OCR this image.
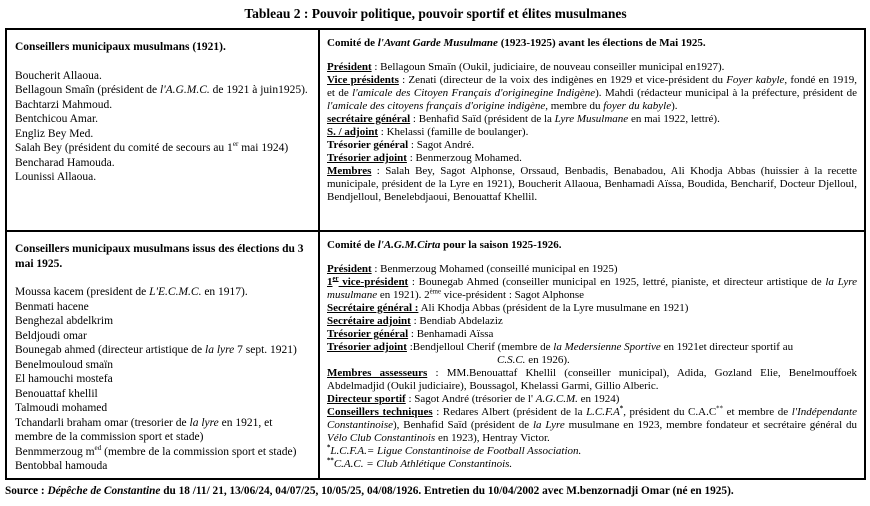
Tableau 2 : Pouvoir politique, pouvoir sportif et élites musulmanes
Conseillers municipaux musulmans (1921).
Boucherit Allaoua.
Bellagoun Smaîn (président de l'A.G.M.C. de 1921 à juin1925).
Bachtarzi Mahmoud.
Bentchicou Amar.
Engliz Bey Med.
Salah Bey (président du comité de secours au 1er mai 1924)
Bencharad Hamouda.
Lounissi Allaoua.
Comité de l'Avant Garde Musulmane (1923-1925) avant les élections de Mai 1925.
Président : Bellagoun Smaïn (Oukil, judiciaire, de nouveau conseiller municipal en1927).
Vice présidents : Zenati (directeur de la voix des indigènes en 1929 et vice-président du Foyer kabyle, fondé en 1919, et de l'amicale des Citoyen Français d'originegine Indigène). Mahdi (rédacteur municipal à la préfecture, président de l'amicale des citoyens français d'origine indigène, membre du foyer du kabyle).
secrétaire général : Benhafid Saïd (président de la Lyre Musulmane en mai 1922, lettré).
S. / adjoint : Khelassi (famille de boulanger).
Trésorier général : Sagot André.
Trésorier adjoint : Benmerzoug Mohamed.
Membres : Salah Bey, Sagot Alphonse, Orssaud, Benbadis, Benabadou, Ali Khodja Abbas (huissier à la recette municipale, président de la Lyre en 1921), Boucherit Allaoua, Benhamadi Aïssa, Boudida, Bencharif, Docteur Djelloul, Bendjelloul, Benelebdjaoui, Benouattaf Khellil.
Conseillers municipaux musulmans issus des élections du 3 mai 1925.
Moussa kacem (president de L'E.C.M.C. en 1917).
Benmati hacene
Benghezal abdelkrim
Beldjoudi omar
Bounegab ahmed (directeur artistique de la lyre 7 sept. 1921)
Benelmouloud smaïn
El hamouchi mostefa
Benouattaf khellil
Talmoudi mohamed
Tchandarli braham omar (tresorier de la lyre en 1921, et membre de la commission sport et stade)
Benmmerzoug $m^{ed}$ (membre de la commission sport et stade)
Bentobbal hamouda
Comité de l'A.G.M.Cirta pour la saison 1925-1926.
Président : Benmerzoug Mohamed (conseillé municipal en 1925)
1er vice-président : Bounegab Ahmed (conseiller municipal en 1925, lettré, pianiste, et directeur artistique de la Lyre musulmane en 1921). 2ème vice-président : Sagot Alphonse
Secrétaire général : Ali Khodja Abbas (président de la Lyre musulmane en 1921)
Secrétaire adjoint : Bendiab Abdelaziz
Trésorier général : Benhamadi Aïssa
Trésorier adjoint :Bendjelloul Cherif (membre de la Medersienne Sportive en 1921et directeur sportif au
C.S.C. en 1926).
Membres assesseurs : MM.Benouattaf Khellil (conseiller municipal), Adida, Gozland Elie, Benelmouffoek Abdelmadjid (Oukil judiciaire), Boussagol, Khelassi Garmi, Gillio Alberic.
Directeur sportif : Sagot André (trésorier de l' A.G.C.M. en 1924)
Conseillers techniques : Redares Albert (président de la L.C.F.A*, président du C.A.C** et membre de l'Indépendante Constantinoise), Benhafid Saïd (président de la Lyre musulmane en 1923, membre fondateur et secrétaire général du Vélo Club Constantinois en 1923), Hentray Victor.
*L.C.F.A.= Ligue Constantinoise de Football Association.
**C.A.C. = Club Athlétique Constantinois.
Source : Dépêche de Constantine du 18 /11/ 21, 13/06/24, 04/07/25, 10/05/25, 04/08/1926. Entretien du 10/04/2002 avec M.benzornadji Omar (né en 1925).
